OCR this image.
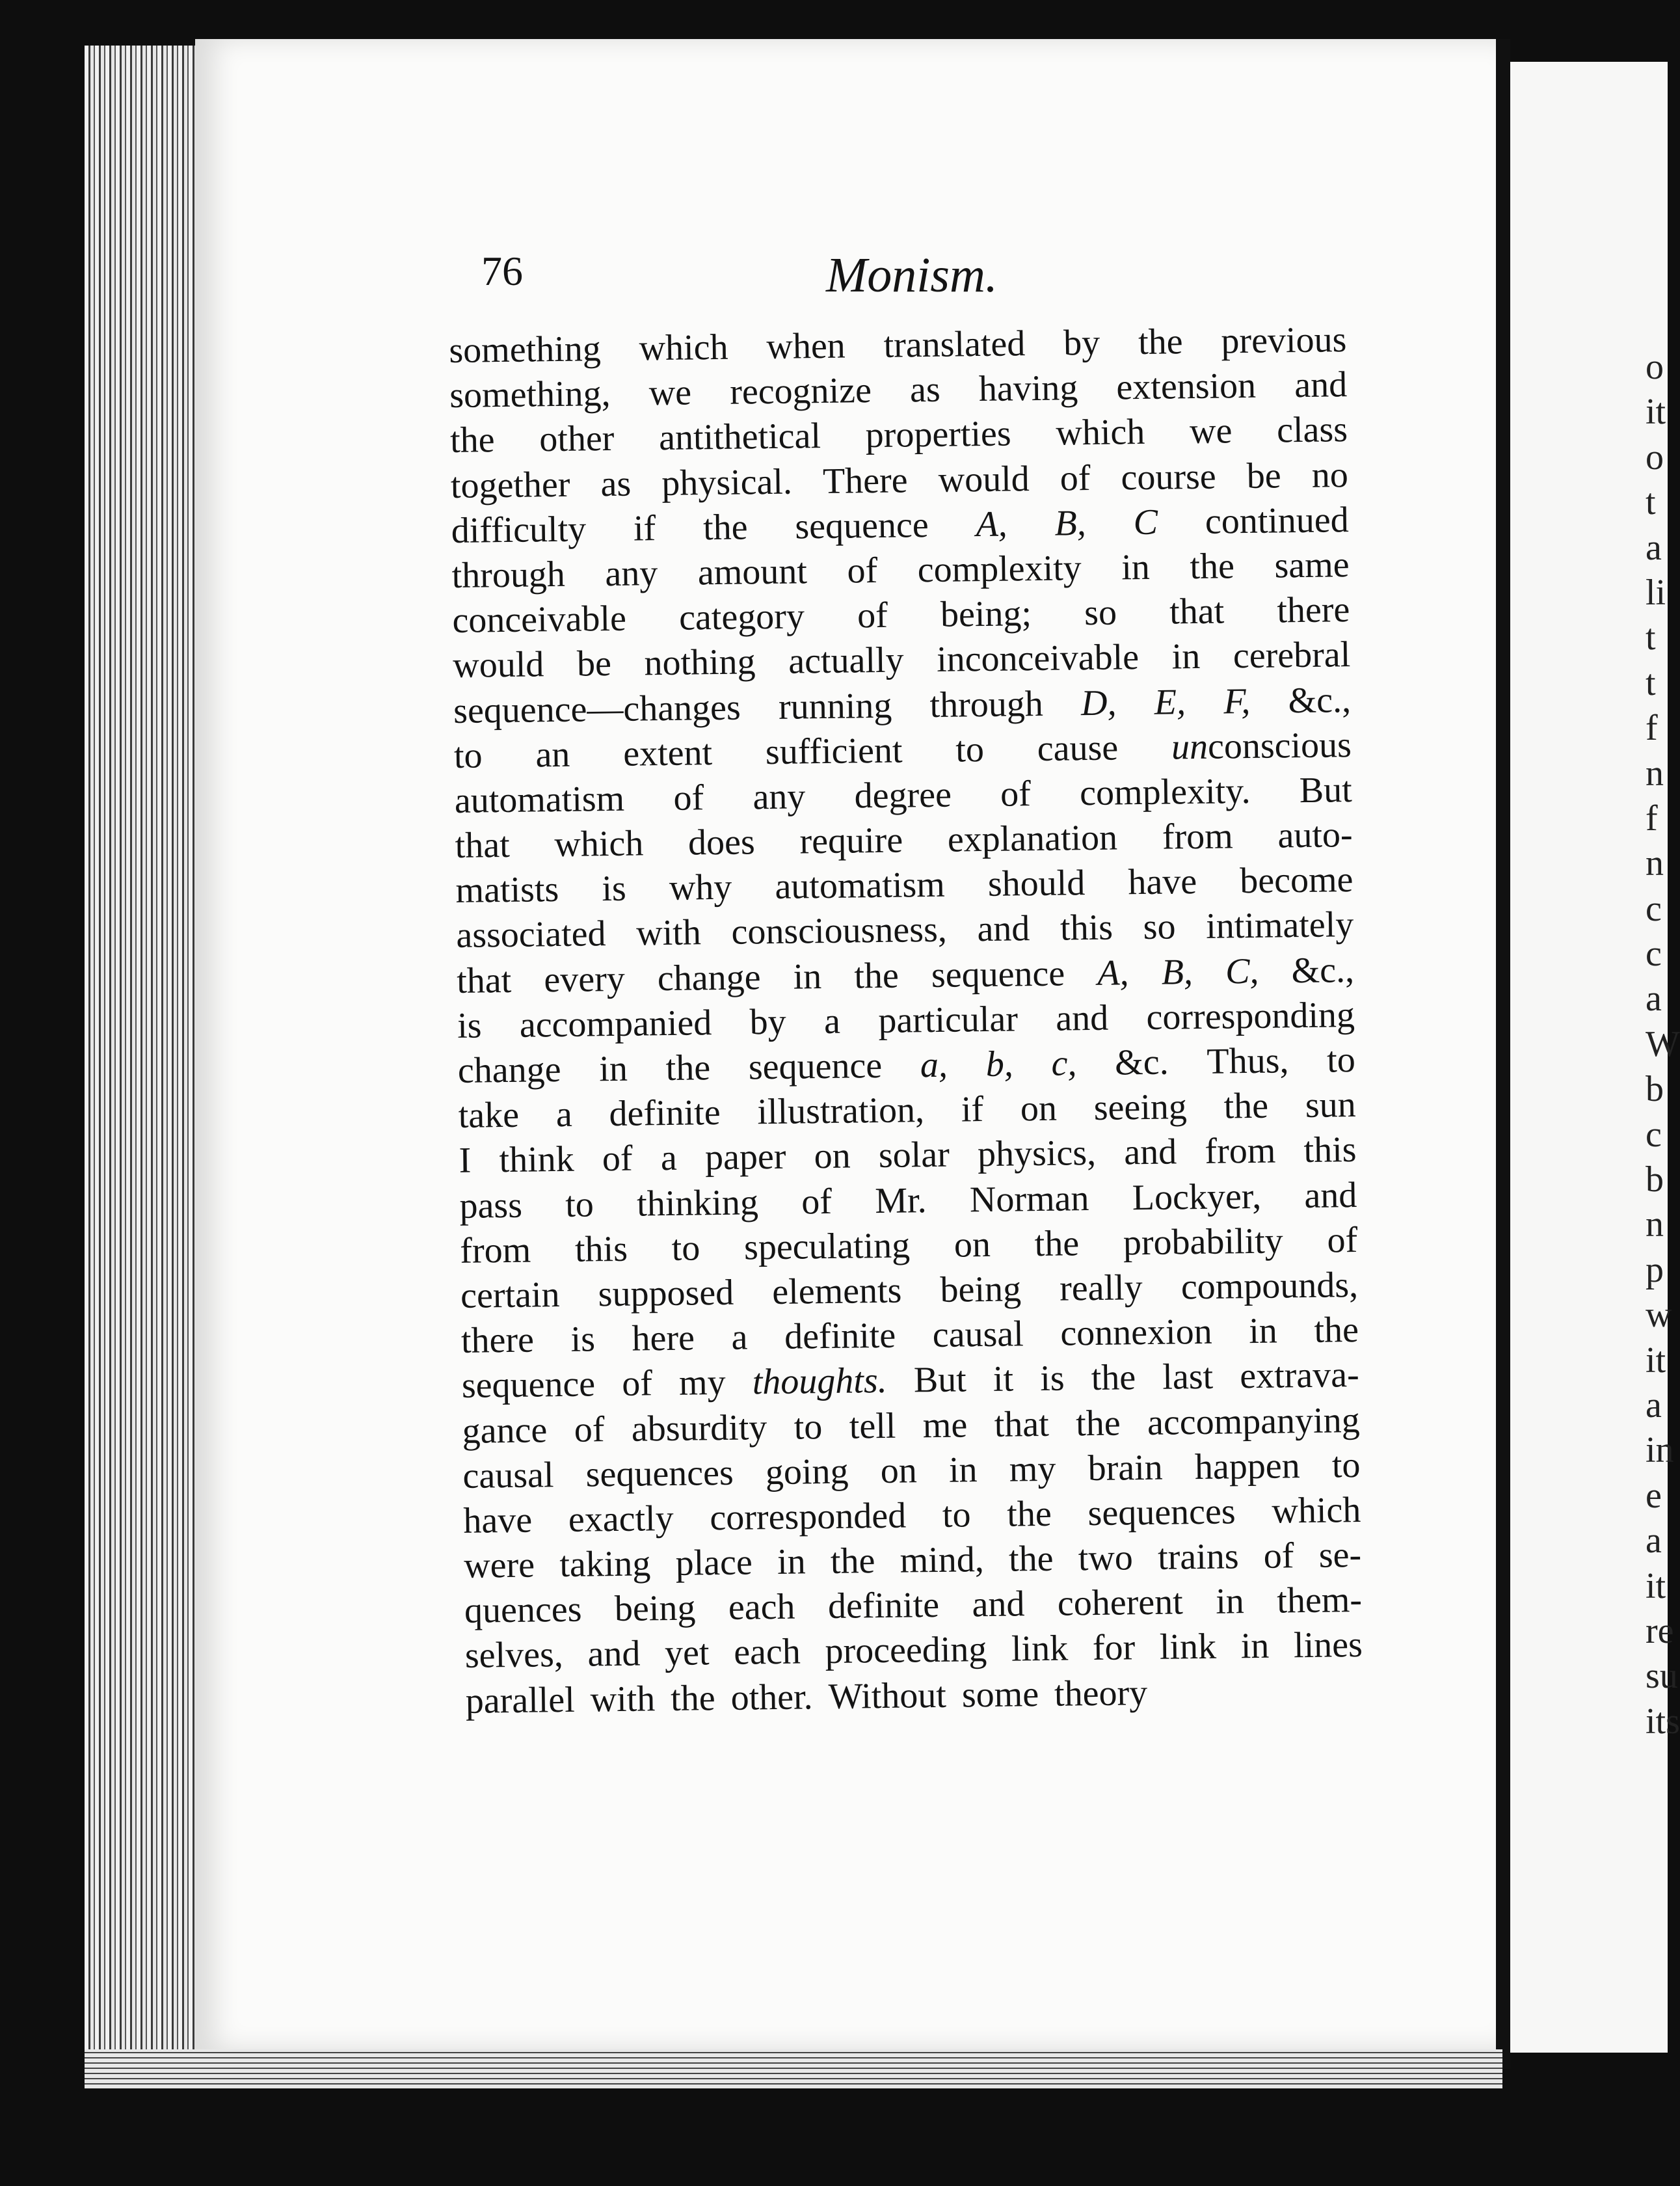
76	Monism.
something which when translated by the previous
something, we recognize as having extension and
the other antithetical properties which we class
together as physical. There would of course be no
difficulty if the sequence A, B, C continued
through any amount of complexity in the same
conceivable category of being; so that there
would be nothing actually inconceivable in cerebral
sequence—changes running through D, E, F, &c.,
to an extent sufficient to cause unconscious
automatism of any degree of complexity. But
that which does require explanation from auto-
matists is why automatism should have become
associated with consciousness, and this so intimately
that every change in the sequence A, B, C, &c.,
is accompanied by a particular and corresponding
change in the sequence a, b, c, &c. Thus, to
take a definite illustration, if on seeing the sun
I think of a paper on solar physics, and from this
pass to thinking of Mr. Norman Lockyer, and
from this to speculating on the probability of
certain supposed elements being really compounds,
there is here a definite causal connexion in the
sequence of my thoughts. But it is the last extrava-
gance of absurdity to tell me that the accompanying
causal sequences going on in my brain happen to
have exactly corresponded to the sequences which
were taking place in the mind, the two trains of se-
quences being each definite and coherent in them-
selves, and yet each proceeding link for link in lines
parallel with the other. Without some theory
o
it
o
t
a
li
t
t
f
n
f
n
c
c
a
W
b
c
b
n
p
w
it
a
in
e
a
it
re
su
its
